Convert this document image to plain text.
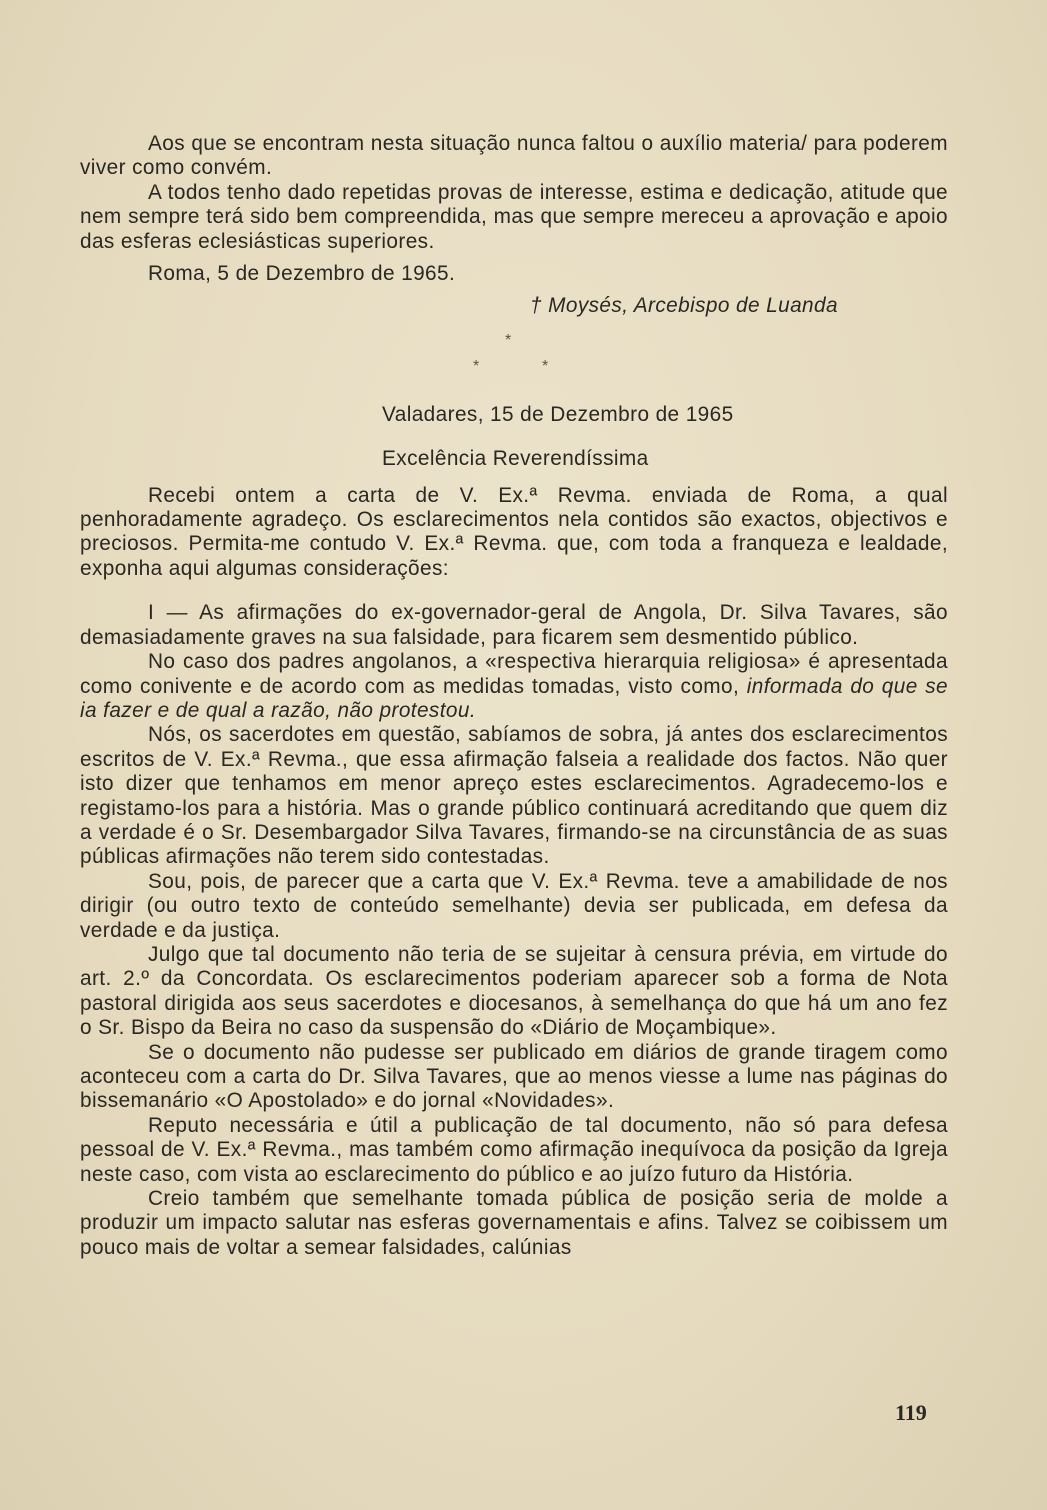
Aos que se encontram nesta situação nunca faltou o auxílio materia/ para poderem viver como convém.

A todos tenho dado repetidas provas de interesse, estima e dedicação, atitude que nem sempre terá sido bem compreendida, mas que sempre mereceu a aprovação e apoio das esferas eclesiásticas superiores.

Roma, 5 de Dezembro de 1965.

† Moysés, Arcebispo de Luanda

*
*	*

Valadares, 15 de Dezembro de 1965

Excelência Reverendíssima

Recebi ontem a carta de V. Ex.ª Revma. enviada de Roma, a qual penhoradamente agradeço. Os esclarecimentos nela contidos são exactos, objectivos e preciosos. Permita-me contudo V. Ex.ª Revma. que, com toda a franqueza e lealdade, exponha aqui algumas considerações:

I — As afirmações do ex-governador-geral de Angola, Dr. Silva Tavares, são demasiadamente graves na sua falsidade, para ficarem sem desmentido público.

No caso dos padres angolanos, a «respectiva hierarquia religiosa» é apresentada como conivente e de acordo com as medidas tomadas, visto como, informada do que se ia fazer e de qual a razão, não protestou.

Nós, os sacerdotes em questão, sabíamos de sobra, já antes dos esclarecimentos escritos de V. Ex.ª Revma., que essa afirmação falseia a realidade dos factos. Não quer isto dizer que tenhamos em menor apreço estes esclarecimentos. Agradecemo-los e registamo-los para a história. Mas o grande público continuará acreditando que quem diz a verdade é o Sr. Desembargador Silva Tavares, firmando-se na circunstância de as suas públicas afirmações não terem sido contestadas.

Sou, pois, de parecer que a carta que V. Ex.ª Revma. teve a amabilidade de nos dirigir (ou outro texto de conteúdo semelhante) devia ser publicada, em defesa da verdade e da justiça.

Julgo que tal documento não teria de se sujeitar à censura prévia, em virtude do art. 2.º da Concordata. Os esclarecimentos poderiam aparecer sob a forma de Nota pastoral dirigida aos seus sacerdotes e diocesanos, à semelhança do que há um ano fez o Sr. Bispo da Beira no caso da suspensão do «Diário de Moçambique».

Se o documento não pudesse ser publicado em diários de grande tiragem como aconteceu com a carta do Dr. Silva Tavares, que ao menos viesse a lume nas páginas do bissemanário «O Apostolado» e do jornal «Novidades».

Reputo necessária e útil a publicação de tal documento, não só para defesa pessoal de V. Ex.ª Revma., mas também como afirmação inequívoca da posição da Igreja neste caso, com vista ao esclarecimento do público e ao juízo futuro da História.

Creio também que semelhante tomada pública de posição seria de molde a produzir um impacto salutar nas esferas governamentais e afins. Talvez se coibissem um pouco mais de voltar a semear falsidades, calúnias

119
